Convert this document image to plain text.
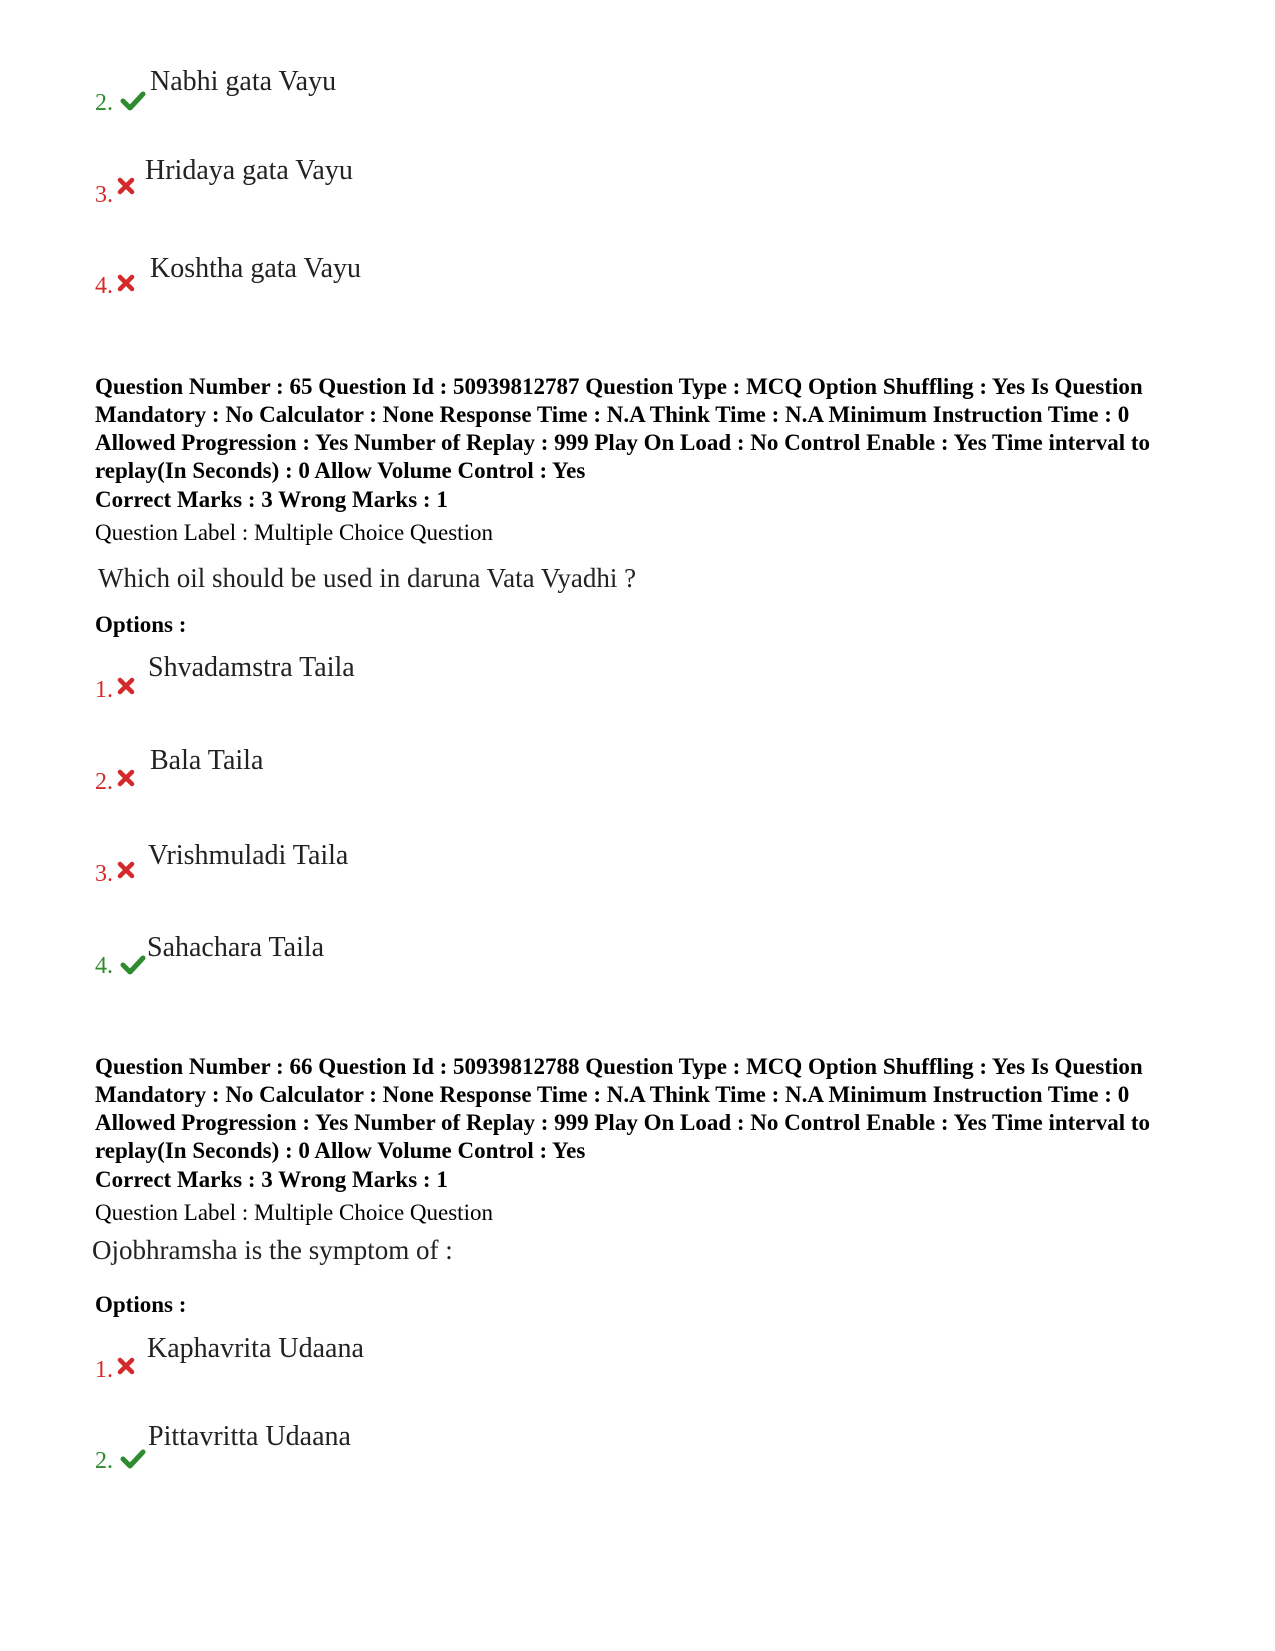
2.
Nabhi gata Vayu
3.
Hridaya gata Vayu
4.
Koshtha gata Vayu
Question Number : 65 Question Id : 50939812787 Question Type : MCQ Option Shuffling : Yes Is Question Mandatory : No Calculator : None Response Time : N.A Think Time : N.A Minimum Instruction Time : 0 Allowed Progression : Yes Number of Replay : 999 Play On Load : No Control Enable : Yes Time interval to replay(In Seconds) : 0 Allow Volume Control : Yes
Correct Marks : 3 Wrong Marks : 1
Question Label : Multiple Choice Question
Which oil should be used in daruna Vata Vyadhi ?
Options :
1.
Shvadamstra Taila
2.
Bala Taila
3.
Vrishmuladi Taila
4.
Sahachara Taila
Question Number : 66 Question Id : 50939812788 Question Type : MCQ Option Shuffling : Yes Is Question Mandatory : No Calculator : None Response Time : N.A Think Time : N.A Minimum Instruction Time : 0 Allowed Progression : Yes Number of Replay : 999 Play On Load : No Control Enable : Yes Time interval to replay(In Seconds) : 0 Allow Volume Control : Yes
Correct Marks : 3 Wrong Marks : 1
Question Label : Multiple Choice Question
Ojobhramsha is the symptom of :
Options :
1.
Kaphavrita Udaana
2.
Pittavritta Udaana
